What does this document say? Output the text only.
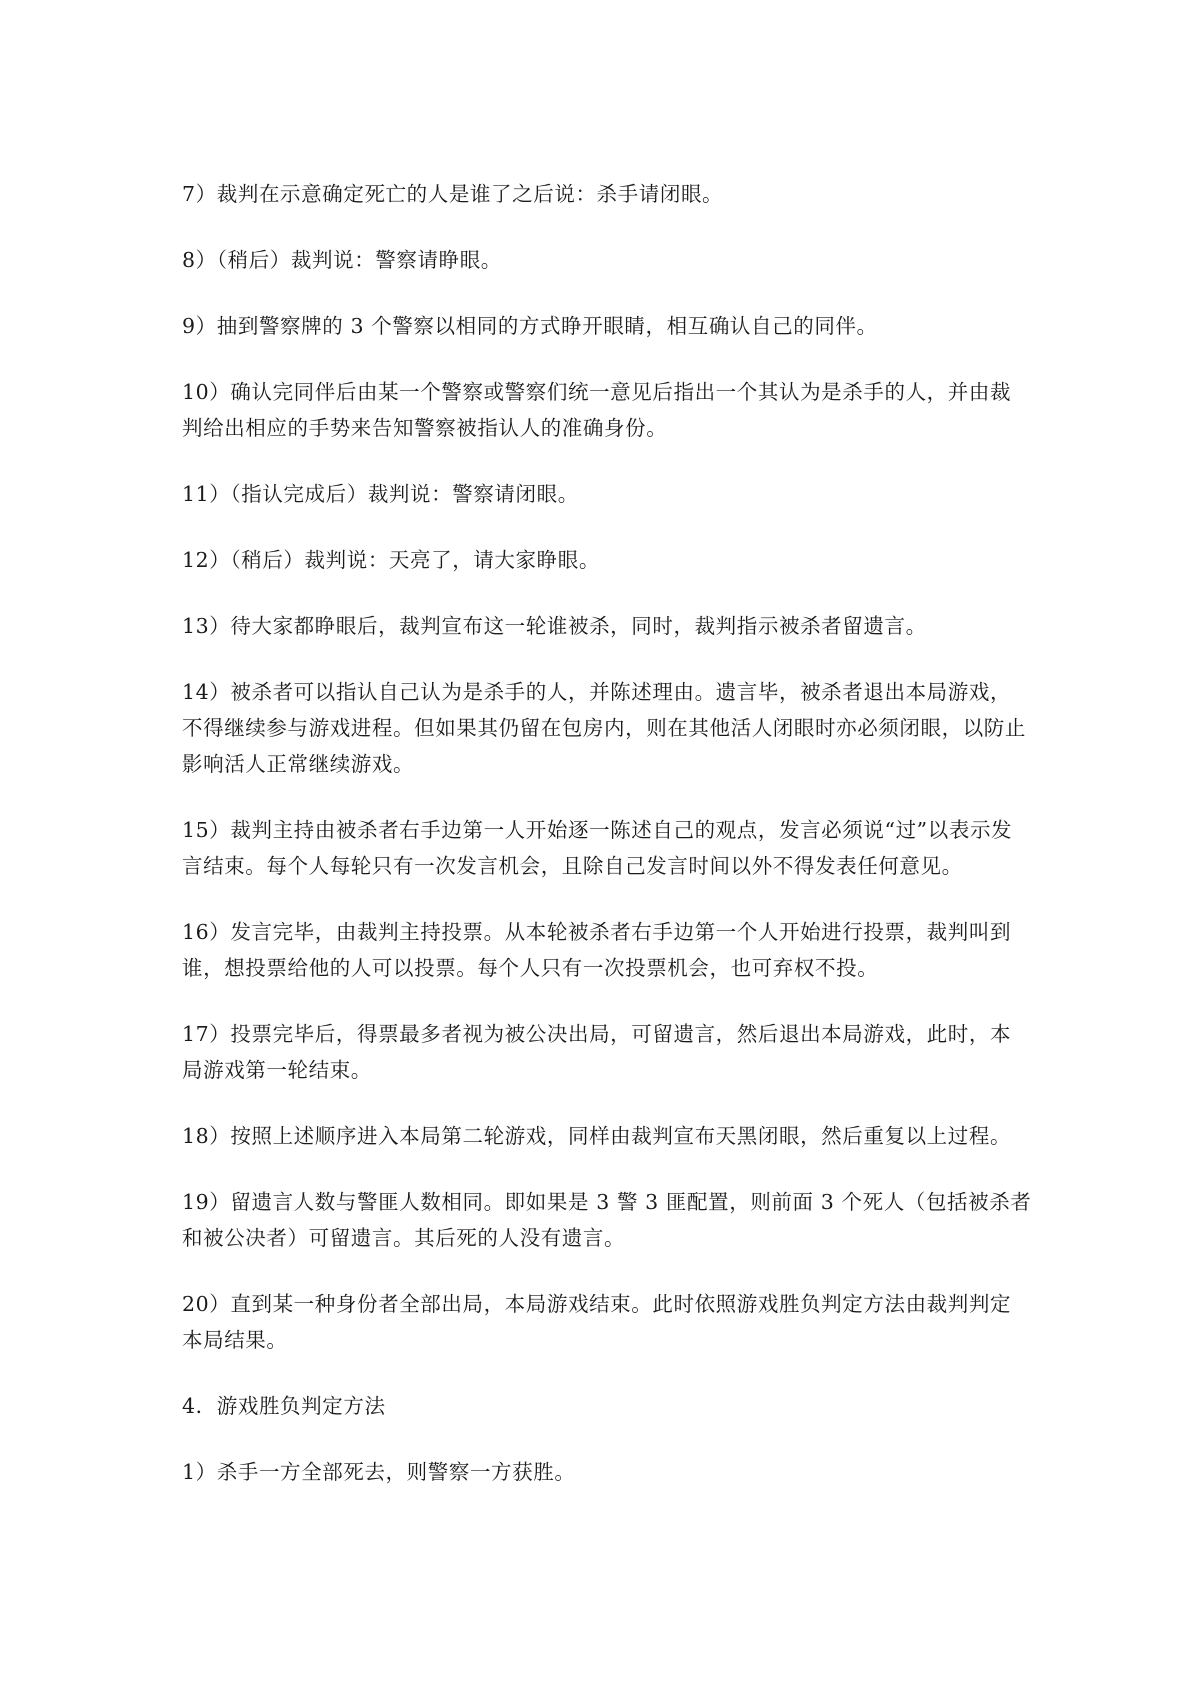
7）裁判在示意确定死亡的人是谁了之后说：杀手请闭眼。

8）（稍后）裁判说：警察请睁眼。

9）抽到警察牌的 3 个警察以相同的方式睁开眼睛，相互确认自己的同伴。

10）确认完同伴后由某一个警察或警察们统一意见后指出一个其认为是杀手的人，并由裁判给出相应的手势来告知警察被指认人的准确身份。

11）（指认完成后）裁判说：警察请闭眼。

12）（稍后）裁判说：天亮了，请大家睁眼。

13）待大家都睁眼后，裁判宣布这一轮谁被杀，同时，裁判指示被杀者留遗言。

14）被杀者可以指认自己认为是杀手的人，并陈述理由。遗言毕，被杀者退出本局游戏，不得继续参与游戏进程。但如果其仍留在包房内，则在其他活人闭眼时亦必须闭眼，以防止影响活人正常继续游戏。

15）裁判主持由被杀者右手边第一人开始逐一陈述自己的观点，发言必须说“过”以表示发言结束。每个人每轮只有一次发言机会，且除自己发言时间以外不得发表任何意见。

16）发言完毕，由裁判主持投票。从本轮被杀者右手边第一个人开始进行投票，裁判叫到谁，想投票给他的人可以投票。每个人只有一次投票机会，也可弃权不投。

17）投票完毕后，得票最多者视为被公决出局，可留遗言，然后退出本局游戏，此时，本局游戏第一轮结束。

18）按照上述顺序进入本局第二轮游戏，同样由裁判宣布天黑闭眼，然后重复以上过程。

19）留遗言人数与警匪人数相同。即如果是 3 警 3 匪配置，则前面 3 个死人（包括被杀者和被公决者）可留遗言。其后死的人没有遗言。

20）直到某一种身份者全部出局，本局游戏结束。此时依照游戏胜负判定方法由裁判判定本局结果。

4．游戏胜负判定方法

1）杀手一方全部死去，则警察一方获胜。
